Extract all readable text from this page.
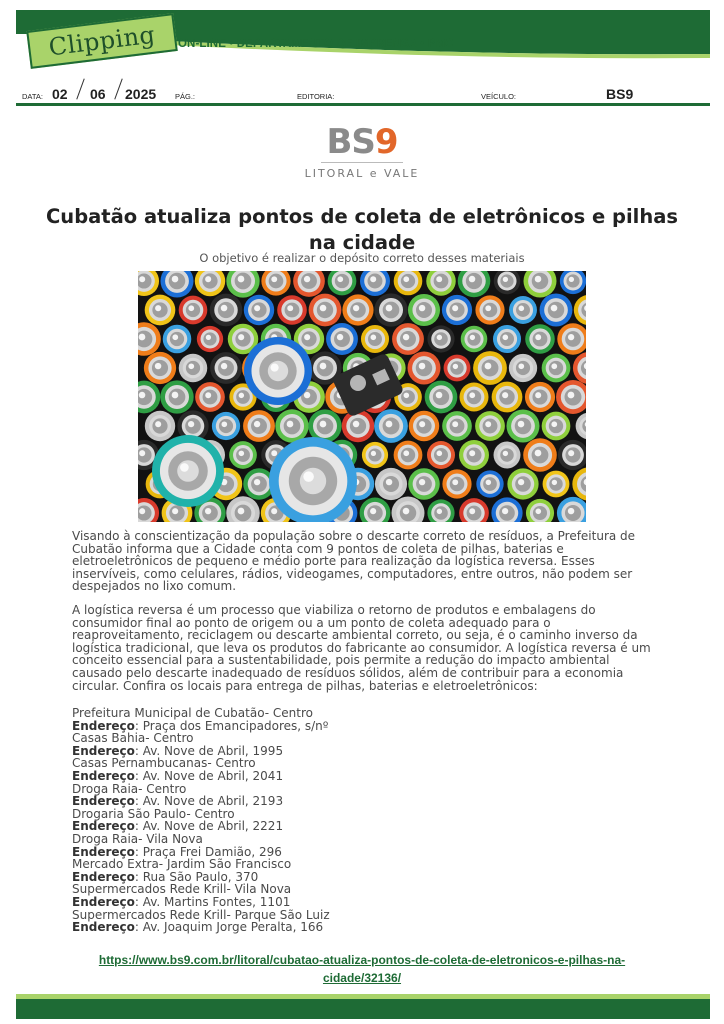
Clipping ON-LINE • DEPARTAMENTO DE IMPRENSA • PMC
DATA: 02 06 2025	PÁG.:	EDITORIA:	VEÍCULO:	BS9
BS9
LITORAL e VALE
Cubatão atualiza pontos de coleta de eletrônicos e pilhas na cidade
O objetivo é realizar o depósito correto desses materiais
Visando à conscientização da população sobre o descarte correto de resíduos, a Prefeitura de Cubatão informa que a Cidade conta com 9 pontos de coleta de pilhas, baterias e eletroeletrônicos de pequeno e médio porte para realização da logística reversa. Esses inservíveis, como celulares, rádios, videogames, computadores, entre outros, não podem ser despejados no lixo comum.
A logística reversa é um processo que viabiliza o retorno de produtos e embalagens do consumidor final ao ponto de origem ou a um ponto de coleta adequado para o reaproveitamento, reciclagem ou descarte ambiental correto, ou seja, é o caminho inverso da logística tradicional, que leva os produtos do fabricante ao consumidor. A logística reversa é um conceito essencial para a sustentabilidade, pois permite a redução do impacto ambiental causado pelo descarte inadequado de resíduos sólidos, além de contribuir para a economia circular. Confira os locais para entrega de pilhas, baterias e eletroeletrônicos:
Prefeitura Municipal de Cubatão- Centro
Endereço: Praça dos Emancipadores, s/nº
Casas Bahia- Centro
Endereço: Av. Nove de Abril, 1995
Casas Pernambucanas- Centro
Endereço: Av. Nove de Abril, 2041
Droga Raia- Centro
Endereço: Av. Nove de Abril, 2193
Drogaria São Paulo- Centro
Endereço: Av. Nove de Abril, 2221
Droga Raia- Vila Nova
Endereço: Praça Frei Damião, 296
Mercado Extra- Jardim São Francisco
Endereço: Rua São Paulo, 370
Supermercados Rede Krill- Vila Nova
Endereço: Av. Martins Fontes, 1101
Supermercados Rede Krill- Parque São Luiz
Endereço: Av. Joaquim Jorge Peralta, 166
https://www.bs9.com.br/litoral/cubatao-atualiza-pontos-de-coleta-de-eletronicos-e-pilhas-na-
cidade/32136/
